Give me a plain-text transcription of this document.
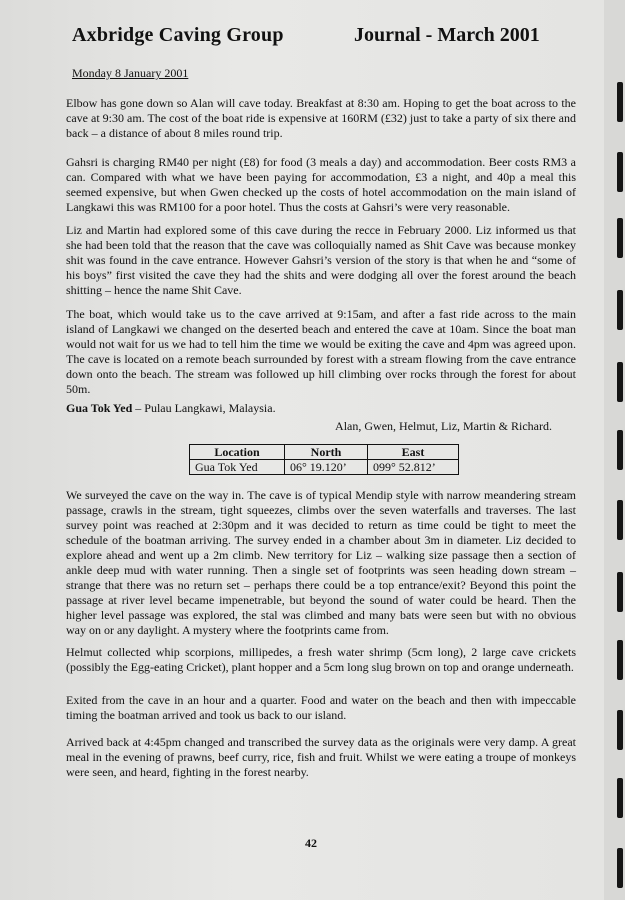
Axbridge Caving Group	Journal - March 2001
Monday 8 January 2001

Elbow has gone down so Alan will cave today. Breakfast at 8:30 am. Hoping to get the boat across to the cave at 9:30 am. The cost of the boat ride is expensive at 160RM (£32) just to take a party of six there and back – a distance of about 8 miles round trip.

Gahsri is charging RM40 per night (£8) for food (3 meals a day) and accommodation. Beer costs RM3 a can. Compared with what we have been paying for accommodation, £3 a night, and 40p a meal this seemed expensive, but when Gwen checked up the costs of hotel accommodation on the main island of Langkawi this was RM100 for a poor hotel. Thus the costs at Gahsri’s were very reasonable.

Liz and Martin had explored some of this cave during the recce in February 2000. Liz informed us that she had been told that the reason that the cave was colloquially named as Shit Cave was because monkey shit was found in the cave entrance. However Gahsri’s version of the story is that when he and “some of his boys” first visited the cave they had the shits and were dodging all over the forest around the beach shitting – hence the name Shit Cave.

The boat, which would take us to the cave arrived at 9:15am, and after a fast ride across to the main island of Langkawi we changed on the deserted beach and entered the cave at 10am. Since the boat man would not wait for us we had to tell him the time we would be exiting the cave and 4pm was agreed upon. The cave is located on a remote beach surrounded by forest with a stream flowing from the cave entrance down onto the beach. The stream was followed up hill climbing over rocks through the forest for about 50m.

Gua Tok Yed – Pulau Langkawi, Malaysia.
Alan, Gwen, Helmut, Liz, Martin & Richard.
Location	North	East
Gua Tok Yed	06° 19.120’	099° 52.812’

We surveyed the cave on the way in. The cave is of typical Mendip style with narrow meandering stream passage, crawls in the stream, tight squeezes, climbs over the seven waterfalls and traverses. The last survey point was reached at 2:30pm and it was decided to return as time could be tight to meet the schedule of the boatman arriving. The survey ended in a chamber about 3m in diameter. Liz decided to explore ahead and went up a 2m climb. New territory for Liz – walking size passage then a section of ankle deep mud with water running. Then a single set of footprints was seen heading down stream – strange that there was no return set – perhaps there could be a top entrance/exit? Beyond this point the passage at river level became impenetrable, but beyond the sound of water could be heard. Then the higher level passage was explored, the stal was climbed and many bats were seen but with no obvious way on or any daylight. A mystery where the footprints came from.

Helmut collected whip scorpions, millipedes, a fresh water shrimp (5cm long), 2 large cave crickets (possibly the Egg-eating Cricket), plant hopper and a 5cm long slug brown on top and orange underneath.

Exited from the cave in an hour and a quarter. Food and water on the beach and then with impeccable timing the boatman arrived and took us back to our island.

Arrived back at 4:45pm changed and transcribed the survey data as the originals were very damp. A great meal in the evening of prawns, beef curry, rice, fish and fruit. Whilst we were eating a troupe of monkeys were seen, and heard, fighting in the forest nearby.

42
